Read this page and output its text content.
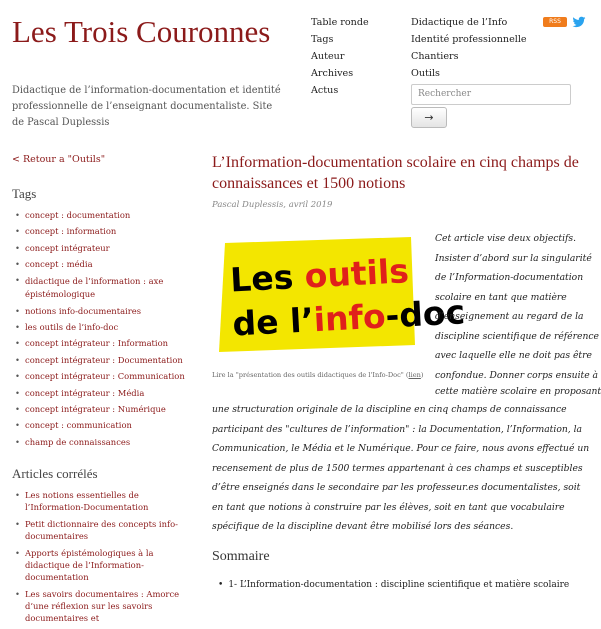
Les Trois Couronnes
Didactique de l’information-documentation et identité professionnelle de l’enseignant documentaliste. Site de Pascal Duplessis
Table ronde
Tags
Auteur
Archives
Actus
Didactique de l’Info
Identité professionnelle
Chantiers
Outils
RSS
Rechercher
→
< Retour a "Outils"
Tags
• concept : documentation
• concept : information
• concept intégrateur
• concept : média
• didactique de l’information : axe épistémologique
• notions info-documentaires
• les outils de l’info-doc
• concept intégrateur : Information
• concept intégrateur : Documentation
• concept intégrateur : Communication
• concept intégrateur : Média
• concept intégrateur : Numérique
• concept : communication
• champ de connaissances
Articles corrélés
• Les notions essentielles de l’Information-Documentation
• Petit dictionnaire des concepts info-documentaires
• Apports épistémologiques à la didactique de l’Information-documentation
• Les savoirs documentaires : Amorce d’une réflexion sur les savoirs documentaires et
L’Information-documentation scolaire en cinq champs de connaissances et 1500 notions
Pascal Duplessis, avril 2019
Les outils
de l’info-doc
Lire la "présentation des outils didactiques de l'Info-Doc" (lien)
Cet article vise deux objectifs.
Insister d’abord sur la singularité
de l’Information-documentation
scolaire en tant que matière
d’enseignement au regard de la
discipline scientifique de référence
avec laquelle elle ne doit pas être
confondue. Donner corps ensuite à
cette matière scolaire en proposant
une structuration originale de la discipline en cinq champs de connaissance participant des "cultures de l’information" : la Documentation, l’Information, la Communication, le Média et le Numérique. Pour ce faire, nous avons effectué un recensement de plus de 1500 termes appartenant à ces champs et susceptibles d’être enseignés dans le secondaire par les professeur.es documentalistes, soit en tant que notions à construire par les élèves, soit en tant que vocabulaire spécifique de la discipline devant être mobilisé lors des séances.
Sommaire
• 1- L’Information-documentation : discipline scientifique et matière scolaire
